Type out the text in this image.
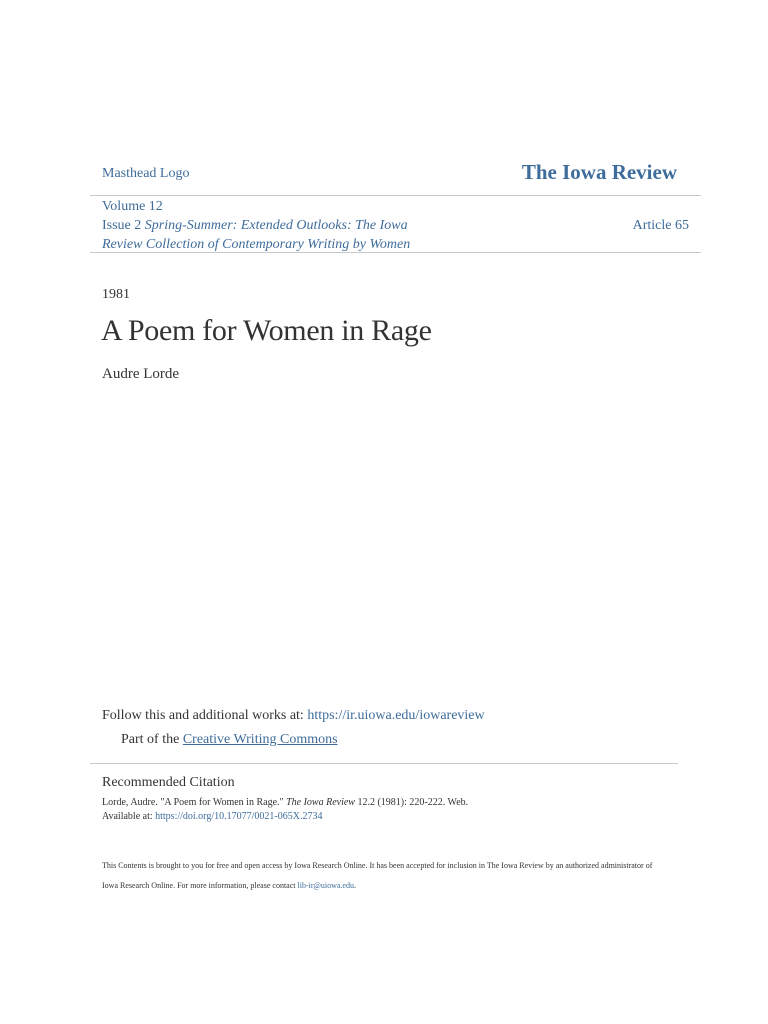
Masthead Logo	The Iowa Review
Volume 12
Issue 2 Spring-Summer: Extended Outlooks: The Iowa Review Collection of Contemporary Writing by Women
Article 65
1981
A Poem for Women in Rage
Audre Lorde
Follow this and additional works at: https://ir.uiowa.edu/iowareview
Part of the Creative Writing Commons
Recommended Citation
Lorde, Audre. "A Poem for Women in Rage." The Iowa Review 12.2 (1981): 220-222. Web.
Available at: https://doi.org/10.17077/0021-065X.2734
This Contents is brought to you for free and open access by Iowa Research Online. It has been accepted for inclusion in The Iowa Review by an authorized administrator of Iowa Research Online. For more information, please contact lib-ir@uiowa.edu.
